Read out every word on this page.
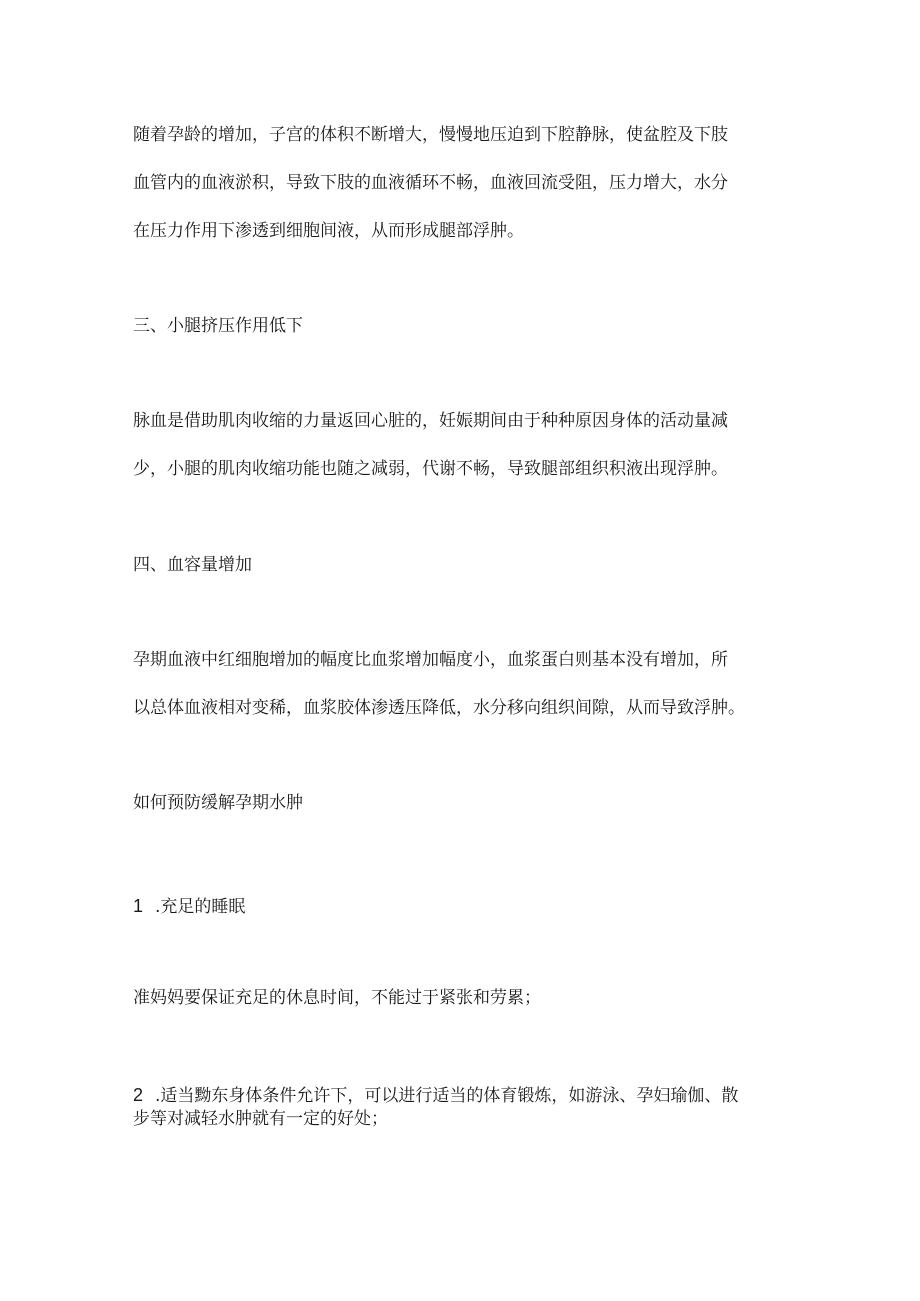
随着孕龄的增加，子宫的体积不断增大，慢慢地压迫到下腔静脉，使盆腔及下肢
血管内的血液淤积，导致下肢的血液循环不畅，血液回流受阻，压力增大，水分
在压力作用下渗透到细胞间液，从而形成腿部浮肿。

三、小腿挤压作用低下

脉血是借助肌肉收缩的力量返回心脏的，妊娠期间由于种种原因身体的活动量减
少，小腿的肌肉收缩功能也随之减弱，代谢不畅，导致腿部组织积液出现浮肿。

四、血容量增加

孕期血液中红细胞增加的幅度比血浆增加幅度小，血浆蛋白则基本没有增加，所
以总体血液相对变稀，血浆胶体渗透压降低，水分移向组织间隙，从而导致浮肿。

如何预防缓解孕期水肿

1 .充足的睡眠

准妈妈要保证充足的休息时间，不能过于紧张和劳累；

2 .适当黝东身体条件允许下，可以进行适当的体育锻炼，如游泳、孕妇瑜伽、散
步等对减轻水肿就有一定的好处；
